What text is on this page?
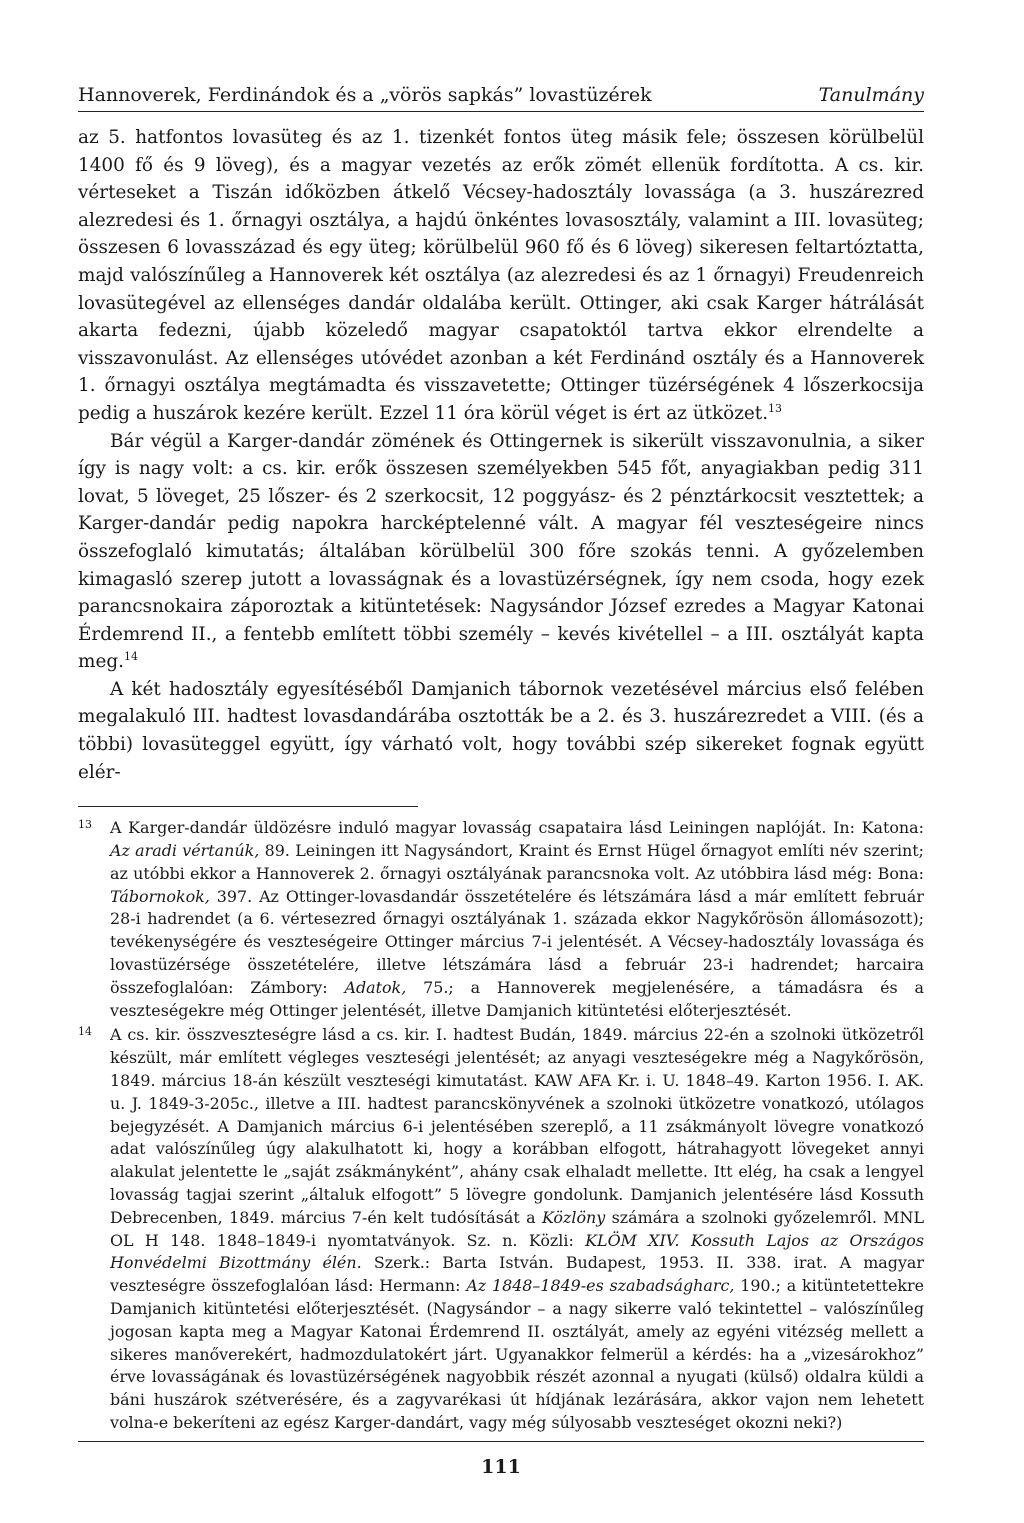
Hannoverek, Ferdinándok és a „vörös sapkás” lovastüzérek	Tanulmány

az 5. hatfontos lovasüteg és az 1. tizenkét fontos üteg másik fele; összesen körülbelül 1400 fő és 9 löveg), és a magyar vezetés az erők zömét ellenük fordította. A cs. kir. vérteseket a Tiszán időközben átkelő Vécsey-hadosztály lovassága (a 3. huszárezred alezredesi és 1. őrnagyi osztálya, a hajdú önkéntes lovasosztály, valamint a III. lovasüteg; összesen 6 lovasszázad és egy üteg; körülbelül 960 fő és 6 löveg) sikeresen feltartóztatta, majd valószínűleg a Hannoverek két osztálya (az alezredesi és az 1 őrnagyi) Freudenreich lovasütegével az ellenséges dandár oldalába került. Ottinger, aki csak Karger hátrálását akarta fedezni, újabb közeledő magyar csapatoktól tartva ekkor elrendelte a visszavonulást. Az ellenséges utóvédet azonban a két Ferdinánd osztály és a Hannoverek 1. őrnagyi osztálya megtámadta és visszavetette; Ottinger tüzérségének 4 lőszerkocsija pedig a huszárok kezére került. Ezzel 11 óra körül véget is ért az ütközet.$^{13}$

Bár végül a Karger-dandár zömének és Ottingernek is sikerült visszavonulnia, a siker így is nagy volt: a cs. kir. erők összesen személyekben 545 főt, anyagiakban pedig 311 lovat, 5 löveget, 25 lőszer- és 2 szerkocsit, 12 poggyász- és 2 pénztárkocsit vesztettek; a Karger-dandár pedig napokra harcképtelenné vált. A magyar fél veszteségeire nincs összefoglaló kimutatás; általában körülbelül 300 főre szokás tenni. A győzelemben kimagasló szerep jutott a lovasságnak és a lovastüzérségnek, így nem csoda, hogy ezek parancsnokaira záporoztak a kitüntetések: Nagysándor József ezredes a Magyar Katonai Érdemrend II., a fentebb említett többi személy – kevés kivétellel – a III. osztályát kapta meg.$^{14}$

A két hadosztály egyesítéséből Damjanich tábornok vezetésével március első felében megalakuló III. hadtest lovasdandárába osztották be a 2. és 3. huszárezredet a VIII. (és a többi) lovasüteggel együtt, így várható volt, hogy további szép sikereket fognak együtt elér-

13 A Karger-dandár üldözésre induló magyar lovasság csapataira lásd Leiningen naplóját. In: Katona: Az aradi vértanúk, 89. Leiningen itt Nagysándort, Kraint és Ernst Hügel őrnagyot említi név szerint; az utóbbi ekkor a Hannoverek 2. őrnagyi osztályának parancsnoka volt. Az utóbbira lásd még: Bona: Tábornokok, 397. Az Ottinger-lovasdandár összetételére és létszámára lásd a már említett február 28-i hadrendet (a 6. vértesezred őrnagyi osztályának 1. százada ekkor Nagykőrösön állomásozott); tevékenységére és veszteségeire Ottinger március 7-i jelentését. A Vécsey-hadosztály lovassága és lovastüzérsége összetételére, illetve létszámára lásd a február 23-i hadrendet; harcaira összefoglalóan: Zámbory: Adatok, 75.; a Hannoverek megjelenésére, a támadásra és a veszteségekre még Ottinger jelentését, illetve Damjanich kitüntetési előterjesztését.
14 A cs. kir. összveszteségre lásd a cs. kir. I. hadtest Budán, 1849. március 22-én a szolnoki ütközetről készült, már említett végleges veszteségi jelentését; az anyagi veszteségekre még a Nagykőrösön, 1849. március 18-án készült veszteségi kimutatást. KAW AFA Kr. i. U. 1848–49. Karton 1956. I. AK. u. J. 1849-3-205c., illetve a III. hadtest parancskönyvének a szolnoki ütközetre vonatkozó, utólagos bejegyzését. A Damjanich március 6-i jelentésében szereplő, a 11 zsákmányolt lövegre vonatkozó adat valószínűleg úgy alakulhatott ki, hogy a korábban elfogott, hátrahagyott lövegeket annyi alakulat jelentette le „saját zsákmányként”, ahány csak elhaladt mellette. Itt elég, ha csak a lengyel lovasság tagjai szerint „általuk elfogott” 5 lövegre gondolunk. Damjanich jelentésére lásd Kossuth Debrecenben, 1849. március 7-én kelt tudósítását a Közlöny számára a szolnoki győzelemről. MNL OL H 148. 1848–1849-i nyomtatványok. Sz. n. Közli: KLÖM XIV. Kossuth Lajos az Országos Honvédelmi Bizottmány élén. Szerk.: Barta István. Budapest, 1953. II. 338. irat. A magyar veszteségre összefoglalóan lásd: Hermann: Az 1848–1849-es szabadságharc, 190.; a kitüntetettekre Damjanich kitüntetési előterjesztését. (Nagysándor – a nagy sikerre való tekintettel – valószínűleg jogosan kapta meg a Magyar Katonai Érdemrend II. osztályát, amely az egyéni vitézség mellett a sikeres manőverekért, hadmozdulatokért járt. Ugyanakkor felmerül a kérdés: ha a „vizesárokhoz” érve lovasságának és lovastüzérségének nagyobbik részét azonnal a nyugati (külső) oldalra küldi a báni huszárok szétverésére, és a zagyvarékasi út hídjának lezárására, akkor vajon nem lehetett volna-e bekeríteni az egész Karger-dandárt, vagy még súlyosabb veszteséget okozni neki?)
111
